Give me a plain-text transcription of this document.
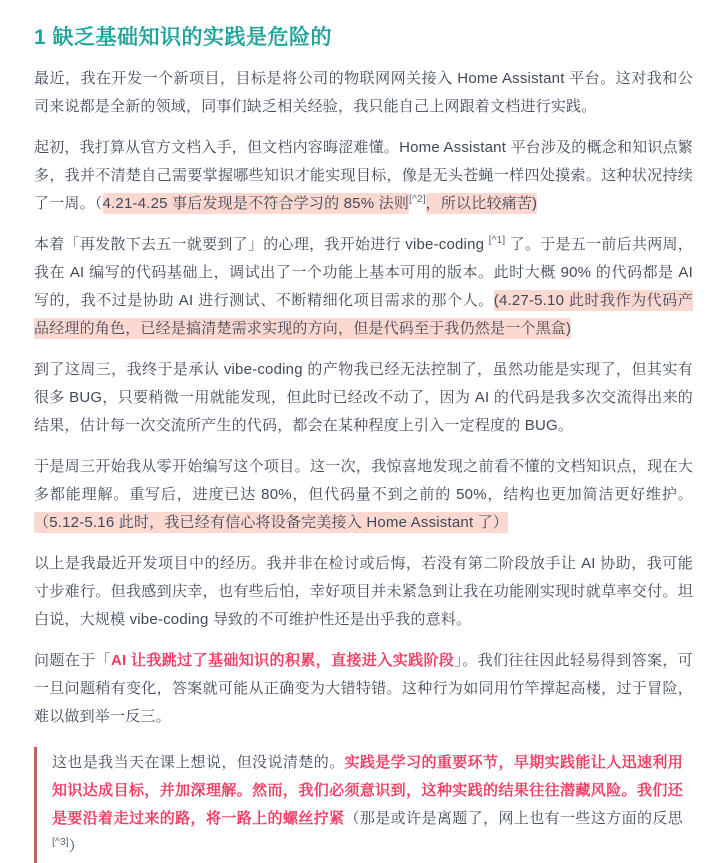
1 缺乏基础知识的实践是危险的

最近，我在开发一个新项目，目标是将公司的物联网网关接入 Home Assistant 平台。这对我和公司来说都是全新的领域，同事们缺乏相关经验，我只能自己上网跟着文档进行实践。

起初，我打算从官方文档入手，但文档内容晦涩难懂。Home Assistant 平台涉及的概念和知识点繁多，我并不清楚自己需要掌握哪些知识才能实现目标，像是无头苍蝇一样四处摸索。这种状况持续了一周。（4.21-4.25 事后发现是不符合学习的 85% 法则[^2]，所以比较痛苦)

本着「再发散下去五一就要到了」的心理，我开始进行 vibe-coding [^1] 了。于是五一前后共两周，我在 AI 编写的代码基础上，调试出了一个功能上基本可用的版本。此时大概 90% 的代码都是 AI 写的，我不过是协助 AI 进行测试、不断精细化项目需求的那个人。(4.27-5.10 此时我作为代码产品经理的角色，已经是搞清楚需求实现的方向，但是代码至于我仍然是一个黑盒)

到了这周三，我终于是承认 vibe-coding 的产物我已经无法控制了，虽然功能是实现了，但其实有很多 BUG，只要稍微一用就能发现，但此时已经改不动了，因为 AI 的代码是我多次交流得出来的结果，估计每一次交流所产生的代码，都会在某种程度上引入一定程度的 BUG。

于是周三开始我从零开始编写这个项目。这一次，我惊喜地发现之前看不懂的文档知识点，现在大多都能理解。重写后，进度已达 80%，但代码量不到之前的 50%，结构也更加简洁更好维护。（5.12-5.16 此时，我已经有信心将设备完美接入 Home Assistant 了）

以上是我最近开发项目中的经历。我并非在检讨或后悔，若没有第二阶段放手让 AI 协助，我可能寸步难行。但我感到庆幸，也有些后怕，幸好项目并未紧急到让我在功能刚实现时就草率交付。坦白说，大规模 vibe-coding 导致的不可维护性还是出乎我的意料。

问题在于「AI 让我跳过了基础知识的积累，直接进入实践阶段」。我们往往因此轻易得到答案，可一旦问题稍有变化，答案就可能从正确变为大错特错。这种行为如同用竹竿撑起高楼，过于冒险，难以做到举一反三。

这也是我当天在课上想说，但没说清楚的。实践是学习的重要环节，早期实践能让人迅速利用知识达成目标，并加深理解。然而，我们必须意识到，这种实践的结果往往潜藏风险。我们还是要沿着走过来的路，将一路上的螺丝拧紧（那是或许是离题了，网上也有一些这方面的反思 [^3]）
